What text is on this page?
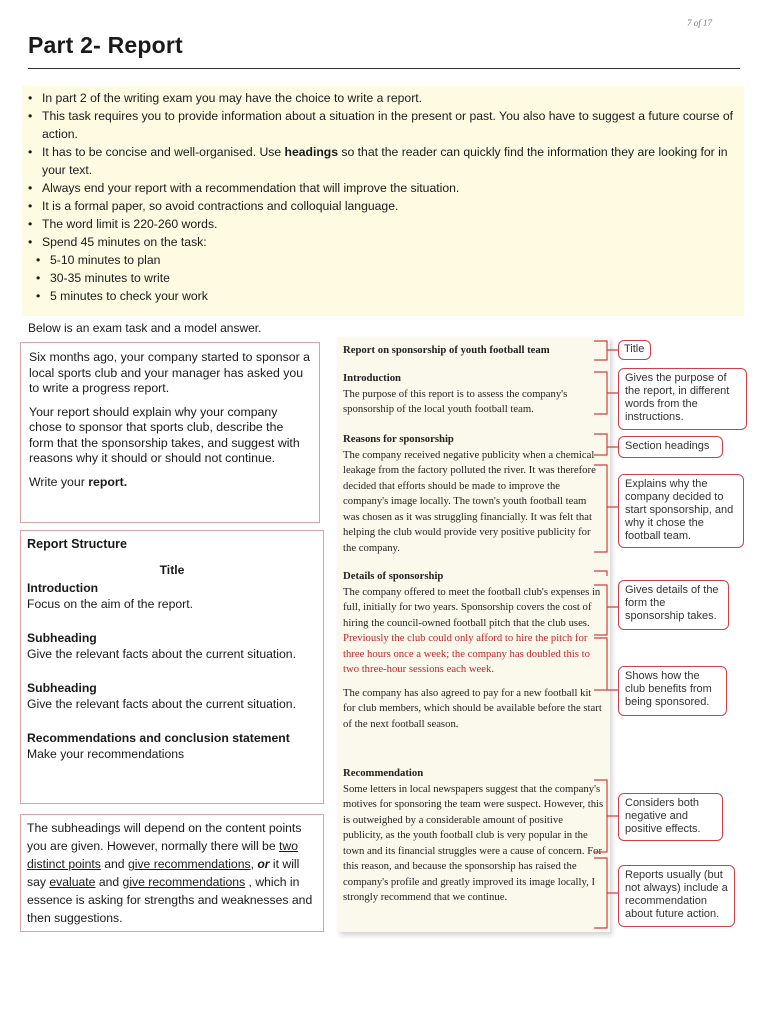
7 of 17
Part 2- Report
• In part 2 of the writing exam you may have the choice to write a report.
• This task requires you to provide information about a situation in the present or past. You also have to suggest a future course of action.
• It has to be concise and well-organised. Use headings so that the reader can quickly find the information they are looking for in your text.
• Always end your report with a recommendation that will improve the situation.
• It is a formal paper, so avoid contractions and colloquial language.
• The word limit is 220-260 words.
• Spend 45 minutes on the task:
• 5-10 minutes to plan
• 30-35 minutes to write
• 5 minutes to check your work
Below is an exam task and a model answer.

Six months ago, your company started to sponsor a local sports club and your manager has asked you to write a progress report.

Your report should explain why your company chose to sponsor that sports club, describe the form that the sponsorship takes, and suggest with reasons why it should or should not continue.

Write your report.

Report Structure
Title
Introduction
Focus on the aim of the report.
Subheading
Give the relevant facts about the current situation.
Subheading
Give the relevant facts about the current situation.
Recommendations and conclusion statement
Make your recommendations
The subheadings will depend on the content points you are given. However, normally there will be two distinct points and give recommendations, or it will say evaluate and give recommendations , which in essence is asking for strengths and weaknesses and then suggestions.
Report on sponsorship of youth football team
Introduction
The purpose of this report is to assess the company's sponsorship of the local youth football team.
Reasons for sponsorship
The company received negative publicity when a chemical leakage from the factory polluted the river. It was therefore decided that efforts should be made to improve the company's image locally. The town's youth football team was chosen as it was struggling financially. It was felt that helping the club would provide very positive publicity for the company.
Details of sponsorship
The company offered to meet the football club's expenses in full, initially for two years. Sponsorship covers the cost of hiring the council-owned football pitch that the club uses. Previously the club could only afford to hire the pitch for three hours once a week; the company has doubled this to two three-hour sessions each week.
The company has also agreed to pay for a new football kit for club members, which should be available before the start of the next football season.
Recommendation
Some letters in local newspapers suggest that the company's motives for sponsoring the team were suspect. However, this is outweighed by a considerable amount of positive publicity, as the youth football club is very popular in the town and its financial struggles were a cause of concern. For this reason, and because the sponsorship has raised the company's profile and greatly improved its image locally, I strongly recommend that we continue.
Title
Gives the purpose of the report, in different words from the instructions.
Section headings
Explains why the company decided to start sponsorship, and why it chose the football team.
Gives details of the form the sponsorship takes.
Shows how the club benefits from being sponsored.
Considers both negative and positive effects.
Reports usually (but not always) include a recommendation about future action.
